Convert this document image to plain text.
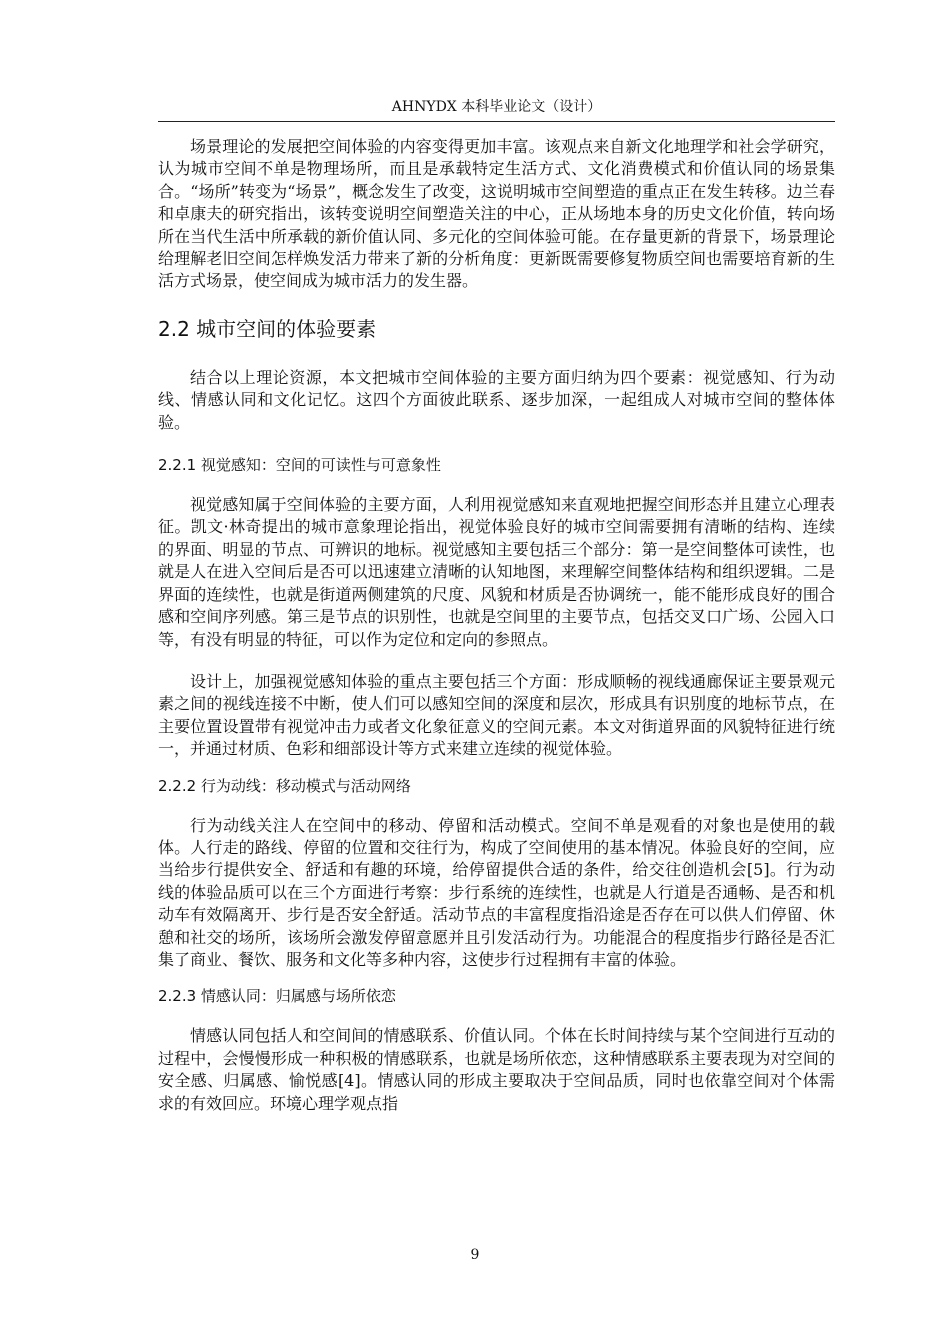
AHNYDX 本科毕业论文（设计）

场景理论的发展把空间体验的内容变得更加丰富。该观点来自新文化地理学和社会学研究，认为城市空间不单是物理场所，而且是承载特定生活方式、文化消费模式和价值认同的场景集合。“场所”转变为“场景”，概念发生了改变，这说明城市空间塑造的重点正在发生转移。边兰春和卓康夫的研究指出，该转变说明空间塑造关注的中心，正从场地本身的历史文化价值，转向场所在当代生活中所承载的新价值认同、多元化的空间体验可能。在存量更新的背景下，场景理论给理解老旧空间怎样焕发活力带来了新的分析角度：更新既需要修复物质空间也需要培育新的生活方式场景，使空间成为城市活力的发生器。

2.2 城市空间的体验要素

结合以上理论资源，本文把城市空间体验的主要方面归纳为四个要素：视觉感知、行为动线、情感认同和文化记忆。这四个方面彼此联系、逐步加深，一起组成人对城市空间的整体体验。

2.2.1 视觉感知：空间的可读性与可意象性

视觉感知属于空间体验的主要方面，人利用视觉感知来直观地把握空间形态并且建立心理表征。凯文·林奇提出的城市意象理论指出，视觉体验良好的城市空间需要拥有清晰的结构、连续的界面、明显的节点、可辨识的地标。视觉感知主要包括三个部分：第一是空间整体可读性，也就是人在进入空间后是否可以迅速建立清晰的认知地图，来理解空间整体结构和组织逻辑。二是界面的连续性，也就是街道两侧建筑的尺度、风貌和材质是否协调统一，能不能形成良好的围合感和空间序列感。第三是节点的识别性，也就是空间里的主要节点，包括交叉口广场、公园入口等，有没有明显的特征，可以作为定位和定向的参照点。

设计上，加强视觉感知体验的重点主要包括三个方面：形成顺畅的视线通廊保证主要景观元素之间的视线连接不中断，使人们可以感知空间的深度和层次，形成具有识别度的地标节点，在主要位置设置带有视觉冲击力或者文化象征意义的空间元素。本文对街道界面的风貌特征进行统一，并通过材质、色彩和细部设计等方式来建立连续的视觉体验。

2.2.2 行为动线：移动模式与活动网络

行为动线关注人在空间中的移动、停留和活动模式。空间不单是观看的对象也是使用的载体。人行走的路线、停留的位置和交往行为，构成了空间使用的基本情况。体验良好的空间，应当给步行提供安全、舒适和有趣的环境，给停留提供合适的条件，给交往创造机会[5]。行为动线的体验品质可以在三个方面进行考察：步行系统的连续性，也就是人行道是否通畅、是否和机动车有效隔离开、步行是否安全舒适。活动节点的丰富程度指沿途是否存在可以供人们停留、休憩和社交的场所，该场所会激发停留意愿并且引发活动行为。功能混合的程度指步行路径是否汇集了商业、餐饮、服务和文化等多种内容，这使步行过程拥有丰富的体验。

2.2.3 情感认同：归属感与场所依恋

情感认同包括人和空间间的情感联系、价值认同。个体在长时间持续与某个空间进行互动的过程中，会慢慢形成一种积极的情感联系，也就是场所依恋，这种情感联系主要表现为对空间的安全感、归属感、愉悦感[4]。情感认同的形成主要取决于空间品质，同时也依靠空间对个体需求的有效回应。环境心理学观点指

9
